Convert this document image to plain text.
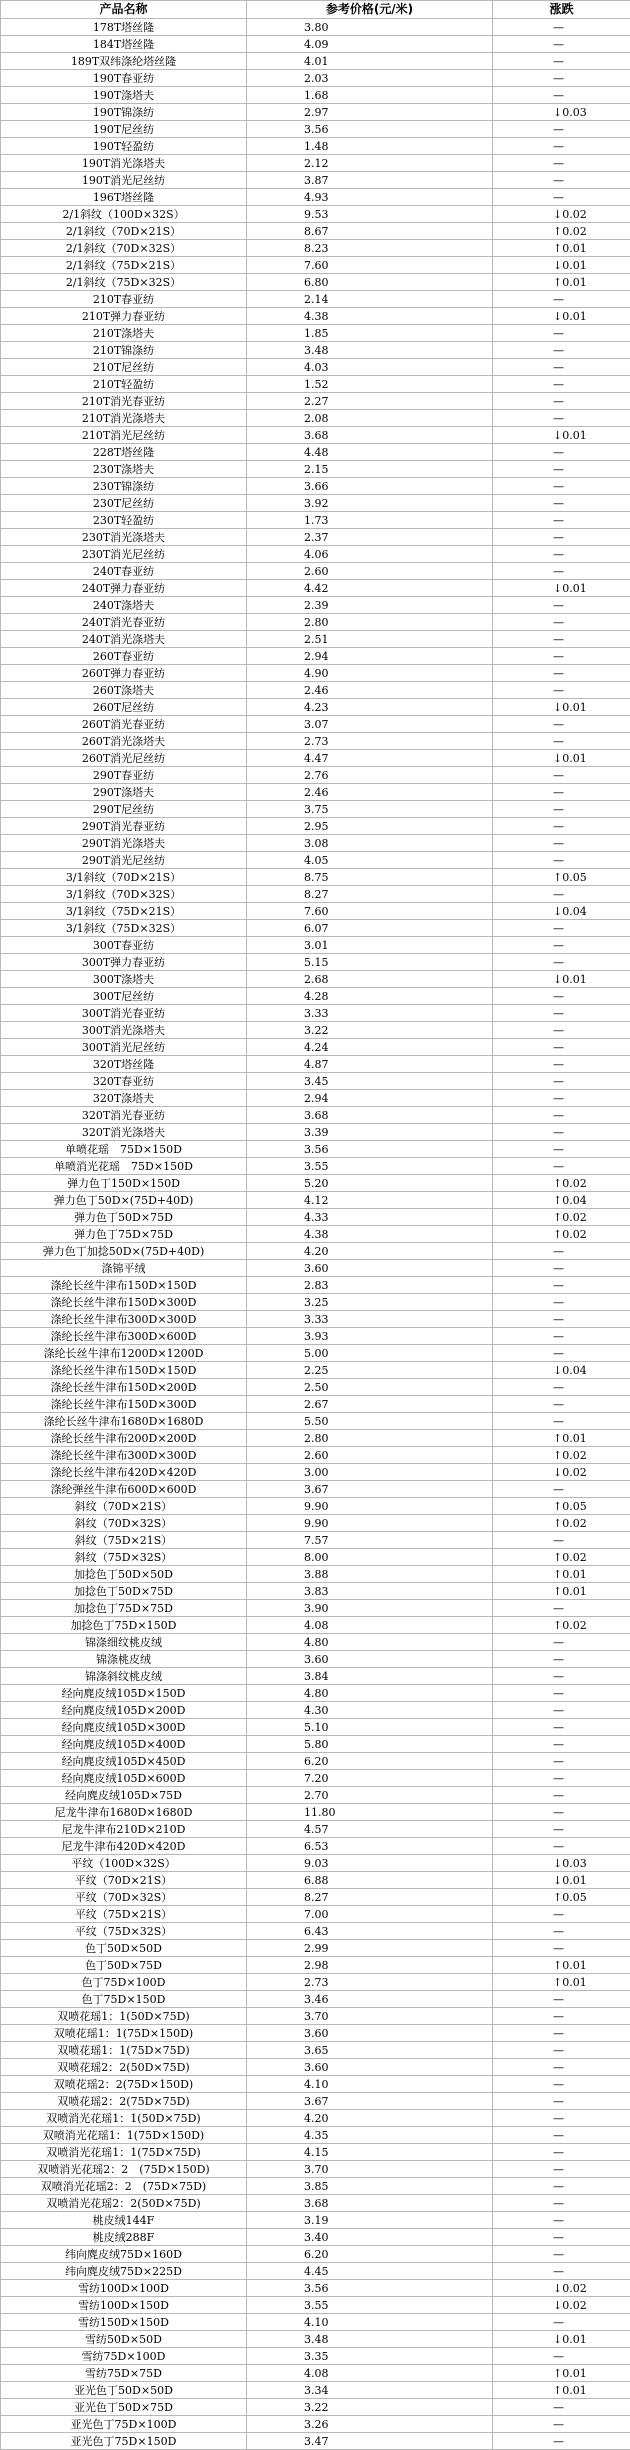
产品名称	参考价格(元/米)	涨跌
178T塔丝隆	3.80	—
184T塔丝隆	4.09	—
189T双纬涤纶塔丝隆	4.01	—
190T春亚纺	2.03	—
190T涤塔夫	1.68	—
190T锦涤纺	2.97	↓0.03
190T尼丝纺	3.56	—
190T轻盈纺	1.48	—
190T消光涤塔夫	2.12	—
190T消光尼丝纺	3.87	—
196T塔丝隆	4.93	—
2/1斜纹（100D×32S）	9.53	↓0.02
2/1斜纹（70D×21S）	8.67	↑0.02
2/1斜纹（70D×32S）	8.23	↑0.01
2/1斜纹（75D×21S）	7.60	↓0.01
2/1斜纹（75D×32S）	6.80	↑0.01
210T春亚纺	2.14	—
210T弹力春亚纺	4.38	↓0.01
210T涤塔夫	1.85	—
210T锦涤纺	3.48	—
210T尼丝纺	4.03	—
210T轻盈纺	1.52	—
210T消光春亚纺	2.27	—
210T消光涤塔夫	2.08	—
210T消光尼丝纺	3.68	↓0.01
228T塔丝隆	4.48	—
230T涤塔夫	2.15	—
230T锦涤纺	3.66	—
230T尼丝纺	3.92	—
230T轻盈纺	1.73	—
230T消光涤塔夫	2.37	—
230T消光尼丝纺	4.06	—
240T春亚纺	2.60	—
240T弹力春亚纺	4.42	↓0.01
240T涤塔夫	2.39	—
240T消光春亚纺	2.80	—
240T消光涤塔夫	2.51	—
260T春亚纺	2.94	—
260T弹力春亚纺	4.90	—
260T涤塔夫	2.46	—
260T尼丝纺	4.23	↓0.01
260T消光春亚纺	3.07	—
260T消光涤塔夫	2.73	—
260T消光尼丝纺	4.47	↓0.01
290T春亚纺	2.76	—
290T涤塔夫	2.46	—
290T尼丝纺	3.75	—
290T消光春亚纺	2.95	—
290T消光涤塔夫	3.08	—
290T消光尼丝纺	4.05	—
3/1斜纹（70D×21S）	8.75	↑0.05
3/1斜纹（70D×32S）	8.27	—
3/1斜纹（75D×21S）	7.60	↓0.04
3/1斜纹（75D×32S）	6.07	—
300T春亚纺	3.01	—
300T弹力春亚纺	5.15	—
300T涤塔夫	2.68	↓0.01
300T尼丝纺	4.28	—
300T消光春亚纺	3.33	—
300T消光涤塔夫	3.22	—
300T消光尼丝纺	4.24	—
320T塔丝隆	4.87	—
320T春亚纺	3.45	—
320T涤塔夫	2.94	—
320T消光春亚纺	3.68	—
320T消光涤塔夫	3.39	—
单喷花瑶　75D×150D	3.56	—
单喷消光花瑶　75D×150D	3.55	—
弹力色丁150D×150D	5.20	↑0.02
弹力色丁50D×(75D+40D)	4.12	↑0.04
弹力色丁50D×75D	4.33	↑0.02
弹力色丁75D×75D	4.38	↑0.02
弹力色丁加捻50D×(75D+40D)	4.20	—
涤锦平绒	3.60	—
涤纶长丝牛津布150D×150D	2.83	—
涤纶长丝牛津布150D×300D	3.25	—
涤纶长丝牛津布300D×300D	3.33	—
涤纶长丝牛津布300D×600D	3.93	—
涤纶长丝牛津布1200D×1200D	5.00	—
涤纶长丝牛津布150D×150D	2.25	↓0.04
涤纶长丝牛津布150D×200D	2.50	—
涤纶长丝牛津布150D×300D	2.67	—
涤纶长丝牛津布1680D×1680D	5.50	—
涤纶长丝牛津布200D×200D	2.80	↑0.01
涤纶长丝牛津布300D×300D	2.60	↑0.02
涤纶长丝牛津布420D×420D	3.00	↓0.02
涤纶弹丝牛津布600D×600D	3.67	—
斜纹（70D×21S）	9.90	↑0.05
斜纹（70D×32S）	9.90	↑0.02
斜纹（75D×21S）	7.57	—
斜纹（75D×32S）	8.00	↑0.02
加捻色丁50D×50D	3.88	↑0.01
加捻色丁50D×75D	3.83	↑0.01
加捻色丁75D×75D	3.90	—
加捻色丁75D×150D	4.08	↑0.02
锦涤细纹桃皮绒	4.80	—
锦涤桃皮绒	3.60	—
锦涤斜纹桃皮绒	3.84	—
经向麂皮绒105D×150D	4.80	—
经向麂皮绒105D×200D	4.30	—
经向麂皮绒105D×300D	5.10	—
经向麂皮绒105D×400D	5.80	—
经向麂皮绒105D×450D	6.20	—
经向麂皮绒105D×600D	7.20	—
经向麂皮绒105D×75D	2.70	—
尼龙牛津布1680D×1680D	11.80	—
尼龙牛津布210D×210D	4.57	—
尼龙牛津布420D×420D	6.53	—
平纹（100D×32S）	9.03	↓0.03
平纹（70D×21S）	6.88	↓0.01
平纹（70D×32S）	8.27	↑0.05
平纹（75D×21S）	7.00	—
平纹（75D×32S）	6.43	—
色丁50D×50D	2.99	—
色丁50D×75D	2.98	↑0.01
色丁75D×100D	2.73	↑0.01
色丁75D×150D	3.46	—
双喷花瑶1：1(50D×75D)	3.70	—
双喷花瑶1：1(75D×150D)	3.60	—
双喷花瑶1：1(75D×75D)	3.65	—
双喷花瑶2：2(50D×75D)	3.60	—
双喷花瑶2：2(75D×150D)	4.10	—
双喷花瑶2：2(75D×75D)	3.67	—
双喷消光花瑶1：1(50D×75D)	4.20	—
双喷消光花瑶1：1(75D×150D)	4.35	—
双喷消光花瑶1：1(75D×75D)	4.15	—
双喷消光花瑶2：2　(75D×150D)	3.70	—
双喷消光花瑶2：2　(75D×75D)	3.85	—
双喷消光花瑶2：2(50D×75D)	3.68	—
桃皮绒144F	3.19	—
桃皮绒288F	3.40	—
纬向麂皮绒75D×160D	6.20	—
纬向麂皮绒75D×225D	4.45	—
雪纺100D×100D	3.56	↓0.02
雪纺100D×150D	3.55	↓0.02
雪纺150D×150D	4.10	—
雪纺50D×50D	3.48	↓0.01
雪纺75D×100D	3.35	—
雪纺75D×75D	4.08	↑0.01
亚光色丁50D×50D	3.34	↑0.01
亚光色丁50D×75D	3.22	—
亚光色丁75D×100D	3.26	—
亚光色丁75D×150D	3.47	—
